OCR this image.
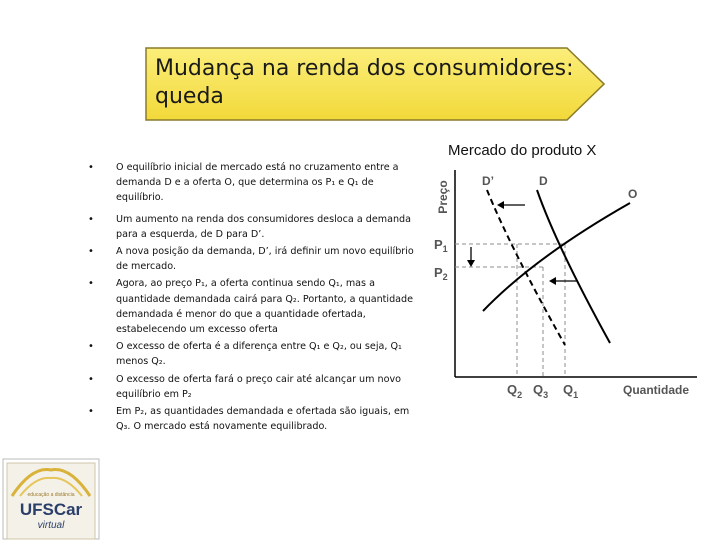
Mudança na renda dos consumidores:
queda
•	O equilíbrio inicial de mercado está no cruzamento entre a demanda D e a oferta O, que determina os P₁ e Q₁ de equilíbrio.
•	Um aumento na renda dos consumidores desloca a demanda para a esquerda, de D para D’.
•	A nova posição da demanda, D’, irá definir um novo equilíbrio de mercado.
•	Agora, ao preço P₁, a oferta continua sendo Q₁, mas a quantidade demandada cairá para Q₂. Portanto, a quantidade demandada é menor do que a quantidade ofertada, estabelecendo um excesso oferta
•	O excesso de oferta é a diferença entre Q₁ e Q₂, ou seja, Q₁ menos Q₂.
•	O excesso de oferta fará o preço cair até alcançar um novo equilíbrio em P₂
•	Em P₂, as quantidades demandada e ofertada são iguais, em Q₃. O mercado está novamente equilibrado.
Mercado do produto X
Preço	D’	D
O
$P_1$
$P_2$
$Q_2$ $Q_3$ $Q_1$	Quantidade
educação a distância
UFSCar
virtual
